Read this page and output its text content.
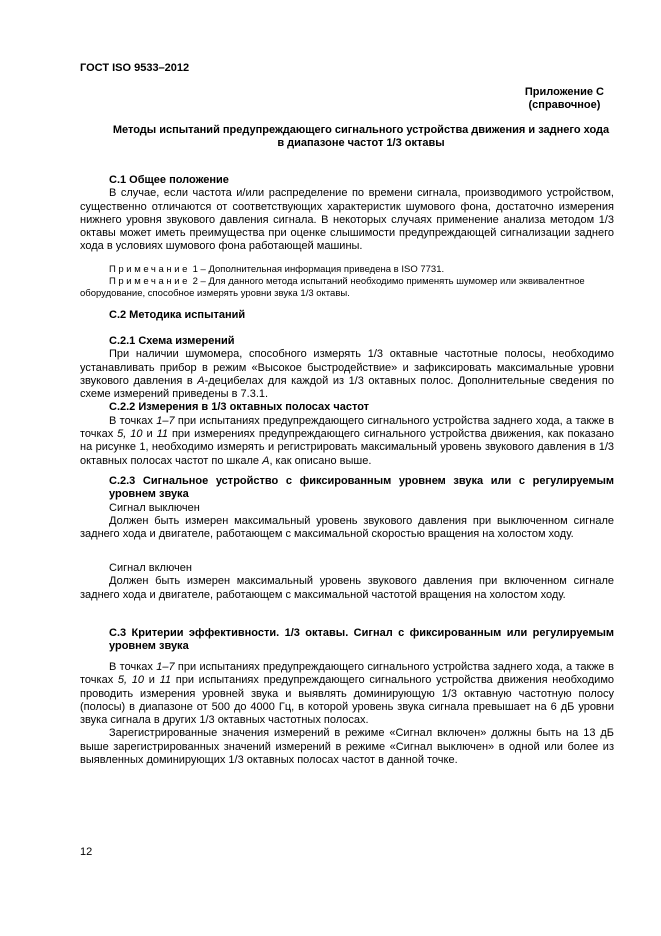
ГОСТ ISO 9533–2012
Приложение С
(справочное)
Методы испытаний предупреждающего сигнального устройства движения и заднего хода
в диапазоне частот 1/3 октавы

С.1 Общее положение

В случае, если частота и/или распределение по времени сигнала, производимого устройством, существенно отличаются от соответствующих характеристик шумового фона, достаточно измерения нижнего уровня звукового давления сигнала. В некоторых случаях применение анализа методом 1/3 октавы может иметь преимущества при оценке слышимости предупреждающей сигнализации заднего хода в условиях шумового фона работающей машины.

Примечание 1 – Дополнительная информация приведена в ISO 7731.

Примечание 2 – Для данного метода испытаний необходимо применять шумомер или эквивалентное оборудование, способное измерять уровни звука 1/3 октавы.

С.2 Методика испытаний

С.2.1 Схема измерений

При наличии шумомера, способного измерять 1/3 октавные частотные полосы, необходимо устанавливать прибор в режим «Высокое быстродействие» и зафиксировать максимальные уровни звукового давления в А-децибелах для каждой из 1/3 октавных полос. Дополнительные сведения по схеме измерений приведены в 7.3.1.

С.2.2 Измерения в 1/3 октавных полосах частот

В точках 1–7 при испытаниях предупреждающего сигнального устройства заднего хода, а также в точках 5, 10 и 11 при измерениях предупреждающего сигнального устройства движения, как показано на рисунке 1, необходимо измерять и регистрировать максимальный уровень звукового давления в 1/3 октавных полосах частот по шкале А, как описано выше.

С.2.3 Сигнальное устройство с фиксированным уровнем звука или с регулируемым уровнем звука

Сигнал выключен

Должен быть измерен максимальный уровень звукового давления при выключенном сигнале заднего хода и двигателе, работающем с максимальной скоростью вращения на холостом ходу.

Сигнал включен

Должен быть измерен максимальный уровень звукового давления при включенном сигнале заднего хода и двигателе, работающем с максимальной частотой вращения на холостом ходу.

С.3 Критерии эффективности. 1/3 октавы. Сигнал с фиксированным или регулируемым уровнем звука

В точках 1–7 при испытаниях предупреждающего сигнального устройства заднего хода, а также в точках 5, 10 и 11 при испытаниях предупреждающего сигнального устройства движения необходимо проводить измерения уровней звука и выявлять доминирующую 1/3 октавную частотную полосу (полосы) в диапазоне от 500 до 4000 Гц, в которой уровень звука сигнала превышает на 6 дБ уровни звука сигнала в других 1/3 октавных частотных полосах.

Зарегистрированные значения измерений в режиме «Сигнал включен» должны быть на 13 дБ выше зарегистрированных значений измерений в режиме «Сигнал выключен» в одной или более из выявленных доминирующих 1/3 октавных полосах частот в данной точке.

12
